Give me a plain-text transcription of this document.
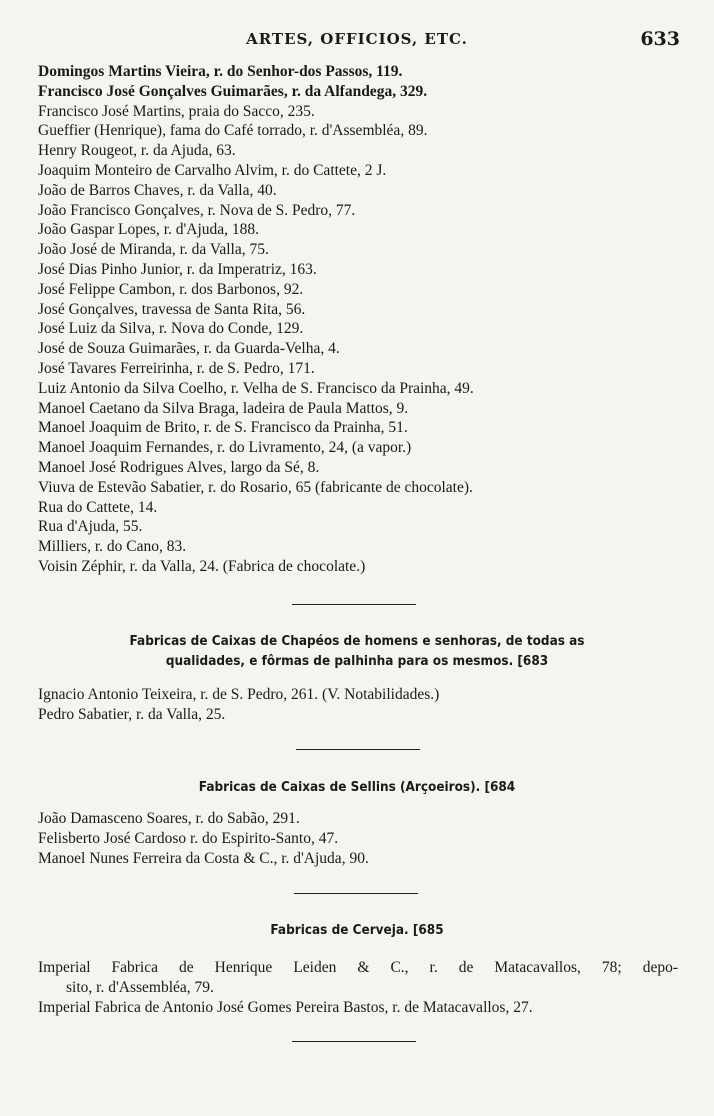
ARTES, OFFICIOS, ETC.	633
Domingos Martins Vieira, r. do Senhor-dos Passos, 119.
Francisco José Gonçalves Guimarães, r. da Alfandega, 329.
Francisco José Martins, praia do Sacco, 235.
Gueffier (Henrique), fama do Café torrado, r. d'Assembléa, 89.
Henry Rougeot, r. da Ajuda, 63.
Joaquim Monteiro de Carvalho Alvim, r. do Cattete, 2 J.
João de Barros Chaves, r. da Valla, 40.
João Francisco Gonçalves, r. Nova de S. Pedro, 77.
João Gaspar Lopes, r. d'Ajuda, 188.
João José de Miranda, r. da Valla, 75.
José Dias Pinho Junior, r. da Imperatriz, 163.
José Felippe Cambon, r. dos Barbonos, 92.
José Gonçalves, travessa de Santa Rita, 56.
José Luiz da Silva, r. Nova do Conde, 129.
José de Souza Guimarães, r. da Guarda-Velha, 4.
José Tavares Ferreirinha, r. de S. Pedro, 171.
Luiz Antonio da Silva Coelho, r. Velha de S. Francisco da Prainha, 49.
Manoel Caetano da Silva Braga, ladeira de Paula Mattos, 9.
Manoel Joaquim de Brito, r. de S. Francisco da Prainha, 51.
Manoel Joaquim Fernandes, r. do Livramento, 24, (a vapor.)
Manoel José Rodrigues Alves, largo da Sé, 8.
Viuva de Estevão Sabatier, r. do Rosario, 65 (fabricante de chocolate).
Rua do Cattete, 14.
Rua d'Ajuda, 55.
Milliers, r. do Cano, 83.
Voisin Zéphir, r. da Valla, 24. (Fabrica de chocolate.)
Fabricas de Caixas de Chapéos de homens e senhoras, de todas as
qualidades, e fôrmas de palhinha para os mesmos. [683
Ignacio Antonio Teixeira, r. de S. Pedro, 261. (V. Notabilidades.)
Pedro Sabatier, r. da Valla, 25.
Fabricas de Caixas de Sellins (Arçoeiros). [684
João Damasceno Soares, r. do Sabão, 291.
Felisberto José Cardoso r. do Espirito-Santo, 47.
Manoel Nunes Ferreira da Costa & C., r. d'Ajuda, 90.
Fabricas de Cerveja. [685
Imperial Fabrica de Henrique Leiden & C., r. de Matacavallos, 78; depo-
sito, r. d'Assembléa, 79.
Imperial Fabrica de Antonio José Gomes Pereira Bastos, r. de Matacavallos, 27.
